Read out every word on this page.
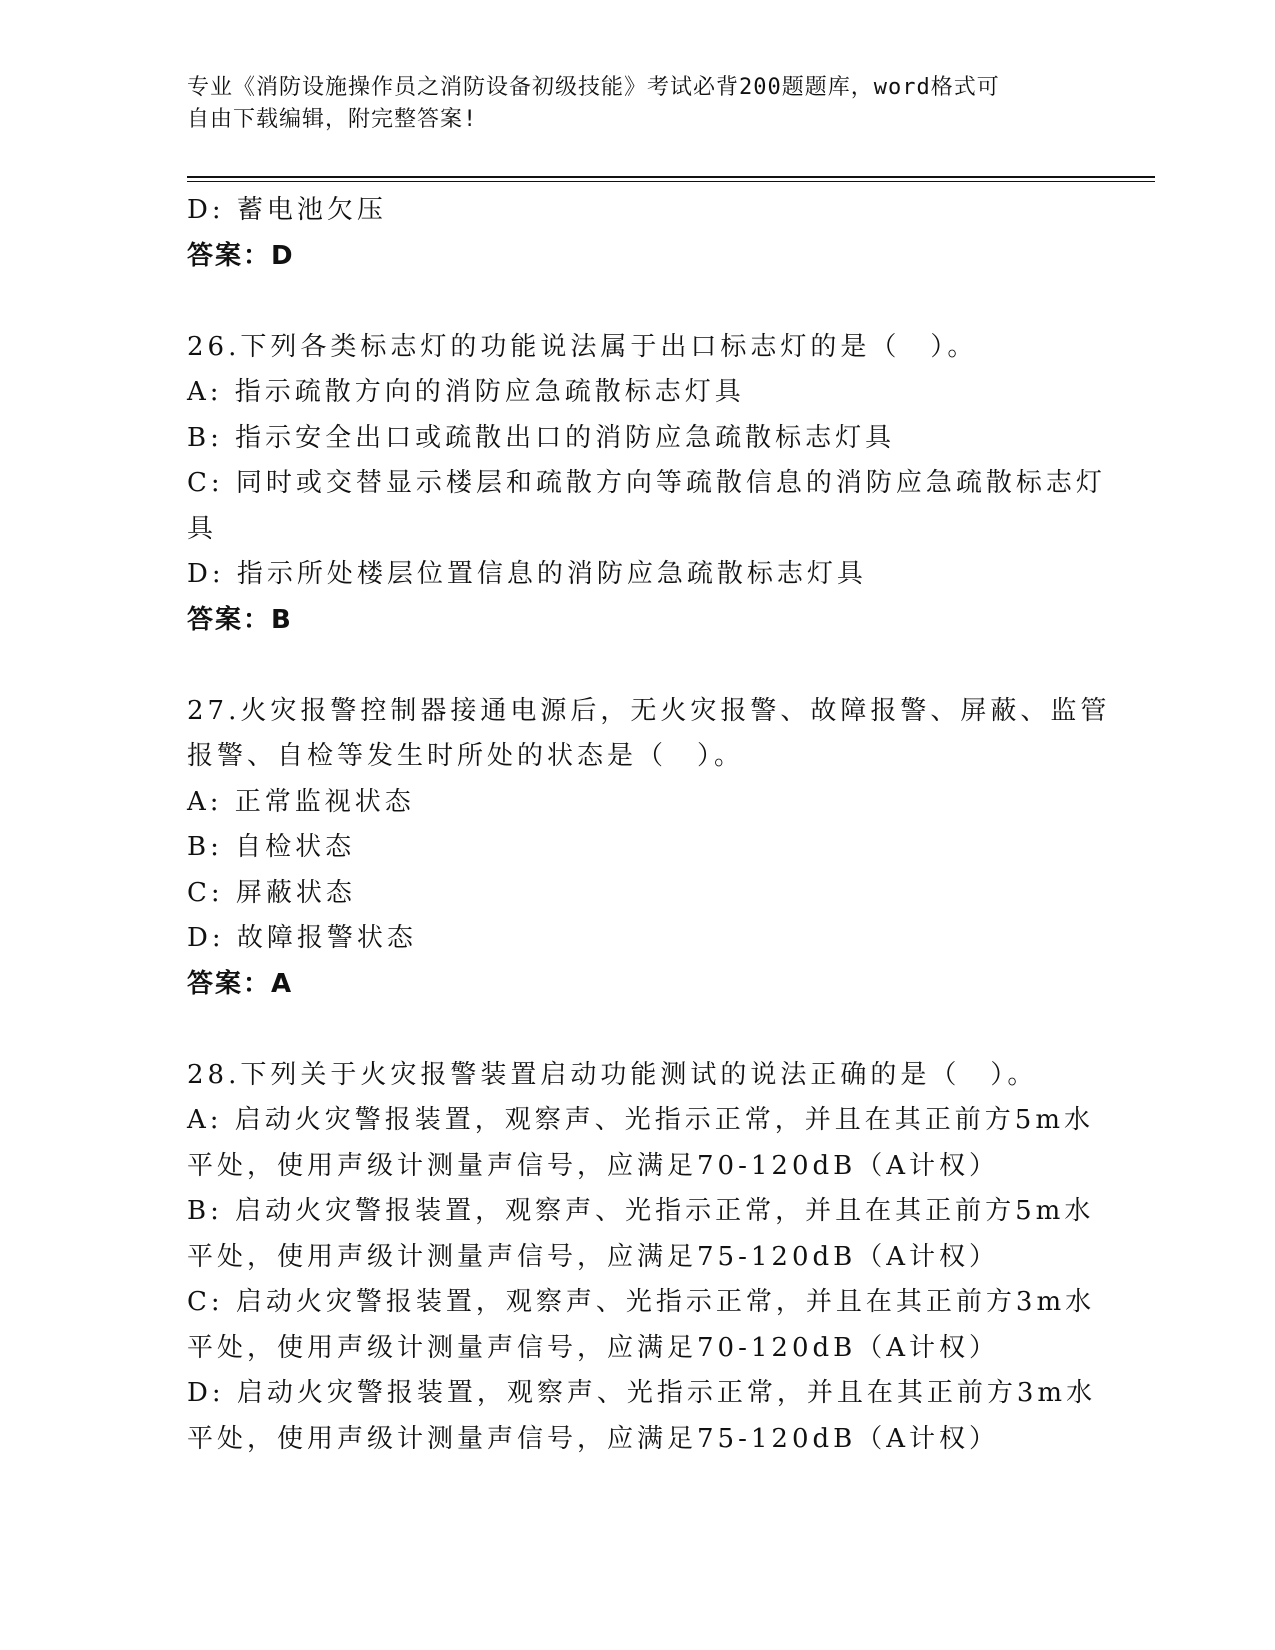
专业《消防设施操作员之消防设备初级技能》考试必背200题题库，word格式可
自由下载编辑，附完整答案!
D: 蓄电池欠压
答案：D
26.下列各类标志灯的功能说法属于出口标志灯的是（　）。
A: 指示疏散方向的消防应急疏散标志灯具
B: 指示安全出口或疏散出口的消防应急疏散标志灯具
C: 同时或交替显示楼层和疏散方向等疏散信息的消防应急疏散标志灯
具
D: 指示所处楼层位置信息的消防应急疏散标志灯具
答案：B
27.火灾报警控制器接通电源后，无火灾报警、故障报警、屏蔽、监管
报警、自检等发生时所处的状态是（　）。
A: 正常监视状态
B: 自检状态
C: 屏蔽状态
D: 故障报警状态
答案：A
28.下列关于火灾报警装置启动功能测试的说法正确的是（　）。
A: 启动火灾警报装置，观察声、光指示正常，并且在其正前方5m水
平处，使用声级计测量声信号，应满足70-120dB（A计权）
B: 启动火灾警报装置，观察声、光指示正常，并且在其正前方5m水
平处，使用声级计测量声信号，应满足75-120dB（A计权）
C: 启动火灾警报装置，观察声、光指示正常，并且在其正前方3m水
平处，使用声级计测量声信号，应满足70-120dB（A计权）
D: 启动火灾警报装置，观察声、光指示正常，并且在其正前方3m水
平处，使用声级计测量声信号，应满足75-120dB（A计权）
